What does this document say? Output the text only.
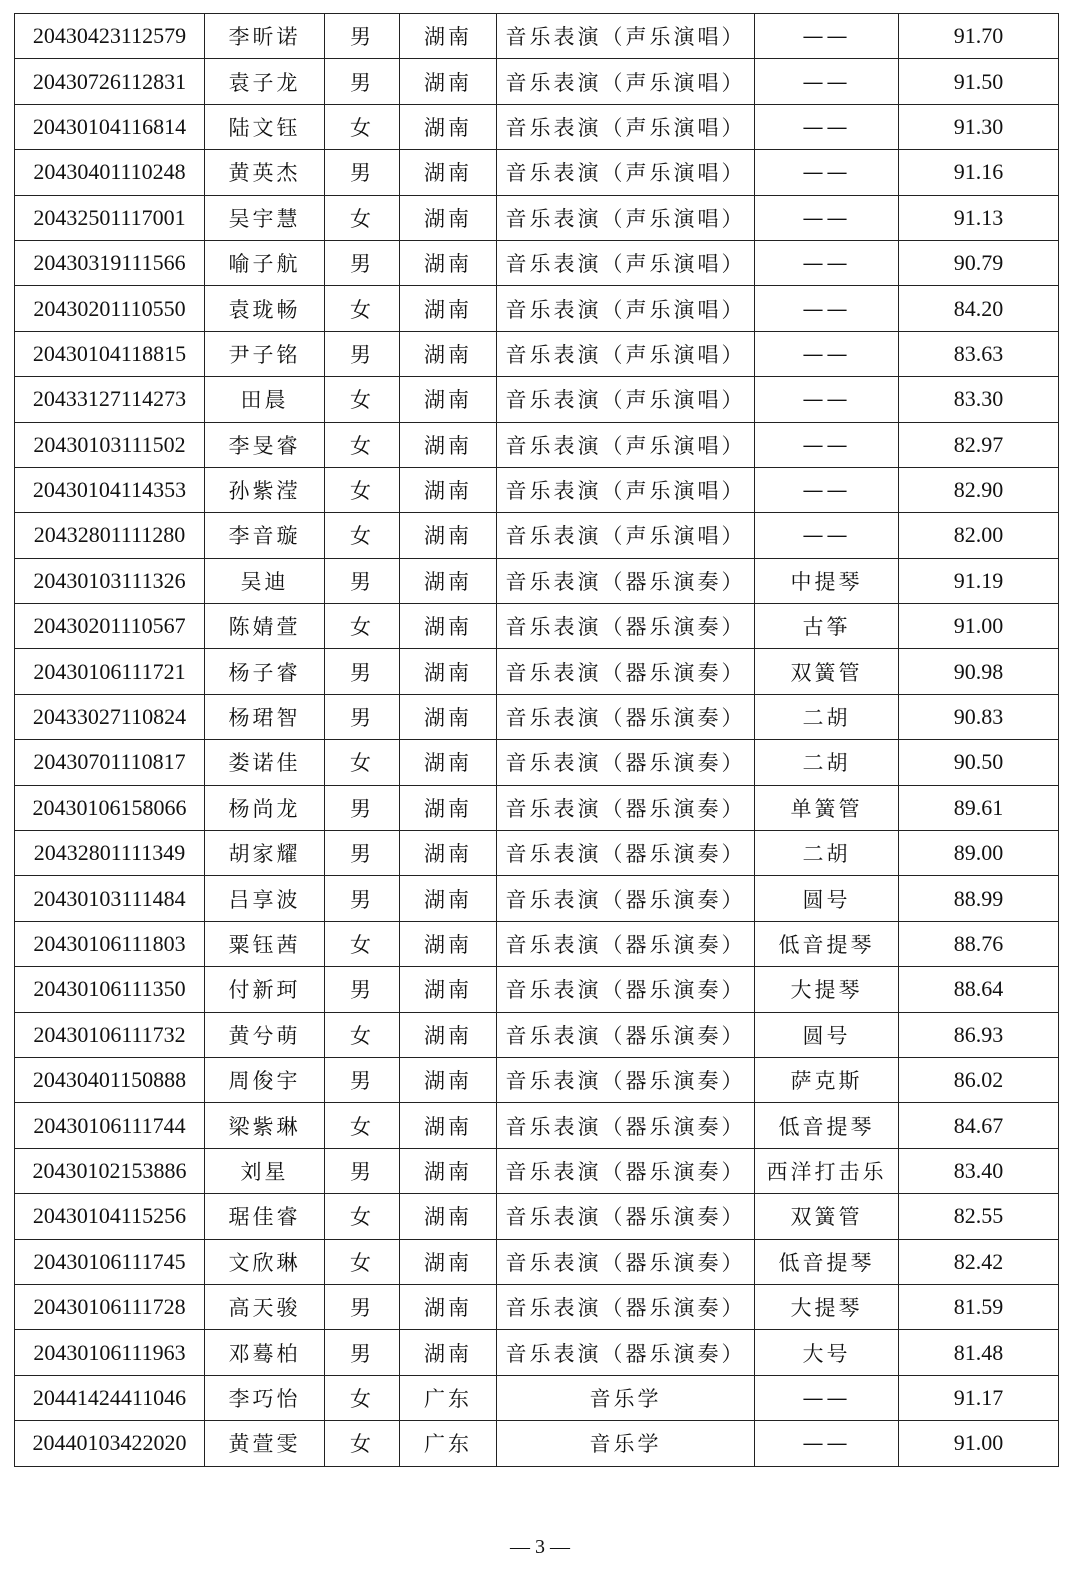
20430423112579	李昕诺	男	湖南	音乐表演（声乐演唱）	——	91.70
20430726112831	袁子龙	男	湖南	音乐表演（声乐演唱）	——	91.50
20430104116814	陆文钰	女	湖南	音乐表演（声乐演唱）	——	91.30
20430401110248	黄英杰	男	湖南	音乐表演（声乐演唱）	——	91.16
20432501117001	吴宇慧	女	湖南	音乐表演（声乐演唱）	——	91.13
20430319111566	喻子航	男	湖南	音乐表演（声乐演唱）	——	90.79
20430201110550	袁珑畅	女	湖南	音乐表演（声乐演唱）	——	84.20
20430104118815	尹子铭	男	湖南	音乐表演（声乐演唱）	——	83.63
20433127114273	田晨	女	湖南	音乐表演（声乐演唱）	——	83.30
20430103111502	李旻睿	女	湖南	音乐表演（声乐演唱）	——	82.97
20430104114353	孙紫滢	女	湖南	音乐表演（声乐演唱）	——	82.90
20432801111280	李音璇	女	湖南	音乐表演（声乐演唱）	——	82.00
20430103111326	吴迪	男	湖南	音乐表演（器乐演奏）	中提琴	91.19
20430201110567	陈婧萱	女	湖南	音乐表演（器乐演奏）	古筝	91.00
20430106111721	杨子睿	男	湖南	音乐表演（器乐演奏）	双簧管	90.98
20433027110824	杨珺智	男	湖南	音乐表演（器乐演奏）	二胡	90.83
20430701110817	娄诺佳	女	湖南	音乐表演（器乐演奏）	二胡	90.50
20430106158066	杨尚龙	男	湖南	音乐表演（器乐演奏）	单簧管	89.61
20432801111349	胡家耀	男	湖南	音乐表演（器乐演奏）	二胡	89.00
20430103111484	吕享波	男	湖南	音乐表演（器乐演奏）	圆号	88.99
20430106111803	粟钰茜	女	湖南	音乐表演（器乐演奏）	低音提琴	88.76
20430106111350	付新珂	男	湖南	音乐表演（器乐演奏）	大提琴	88.64
20430106111732	黄兮萌	女	湖南	音乐表演（器乐演奏）	圆号	86.93
20430401150888	周俊宇	男	湖南	音乐表演（器乐演奏）	萨克斯	86.02
20430106111744	梁紫琳	女	湖南	音乐表演（器乐演奏）	低音提琴	84.67
20430102153886	刘星	男	湖南	音乐表演（器乐演奏）	西洋打击乐	83.40
20430104115256	琚佳睿	女	湖南	音乐表演（器乐演奏）	双簧管	82.55
20430106111745	文欣琳	女	湖南	音乐表演（器乐演奏）	低音提琴	82.42
20430106111728	高天骏	男	湖南	音乐表演（器乐演奏）	大提琴	81.59
20430106111963	邓蓦柏	男	湖南	音乐表演（器乐演奏）	大号	81.48
20441424411046	李巧怡	女	广东	音乐学	——	91.17
20440103422020	黄萱雯	女	广东	音乐学	——	91.00
— 3 —
